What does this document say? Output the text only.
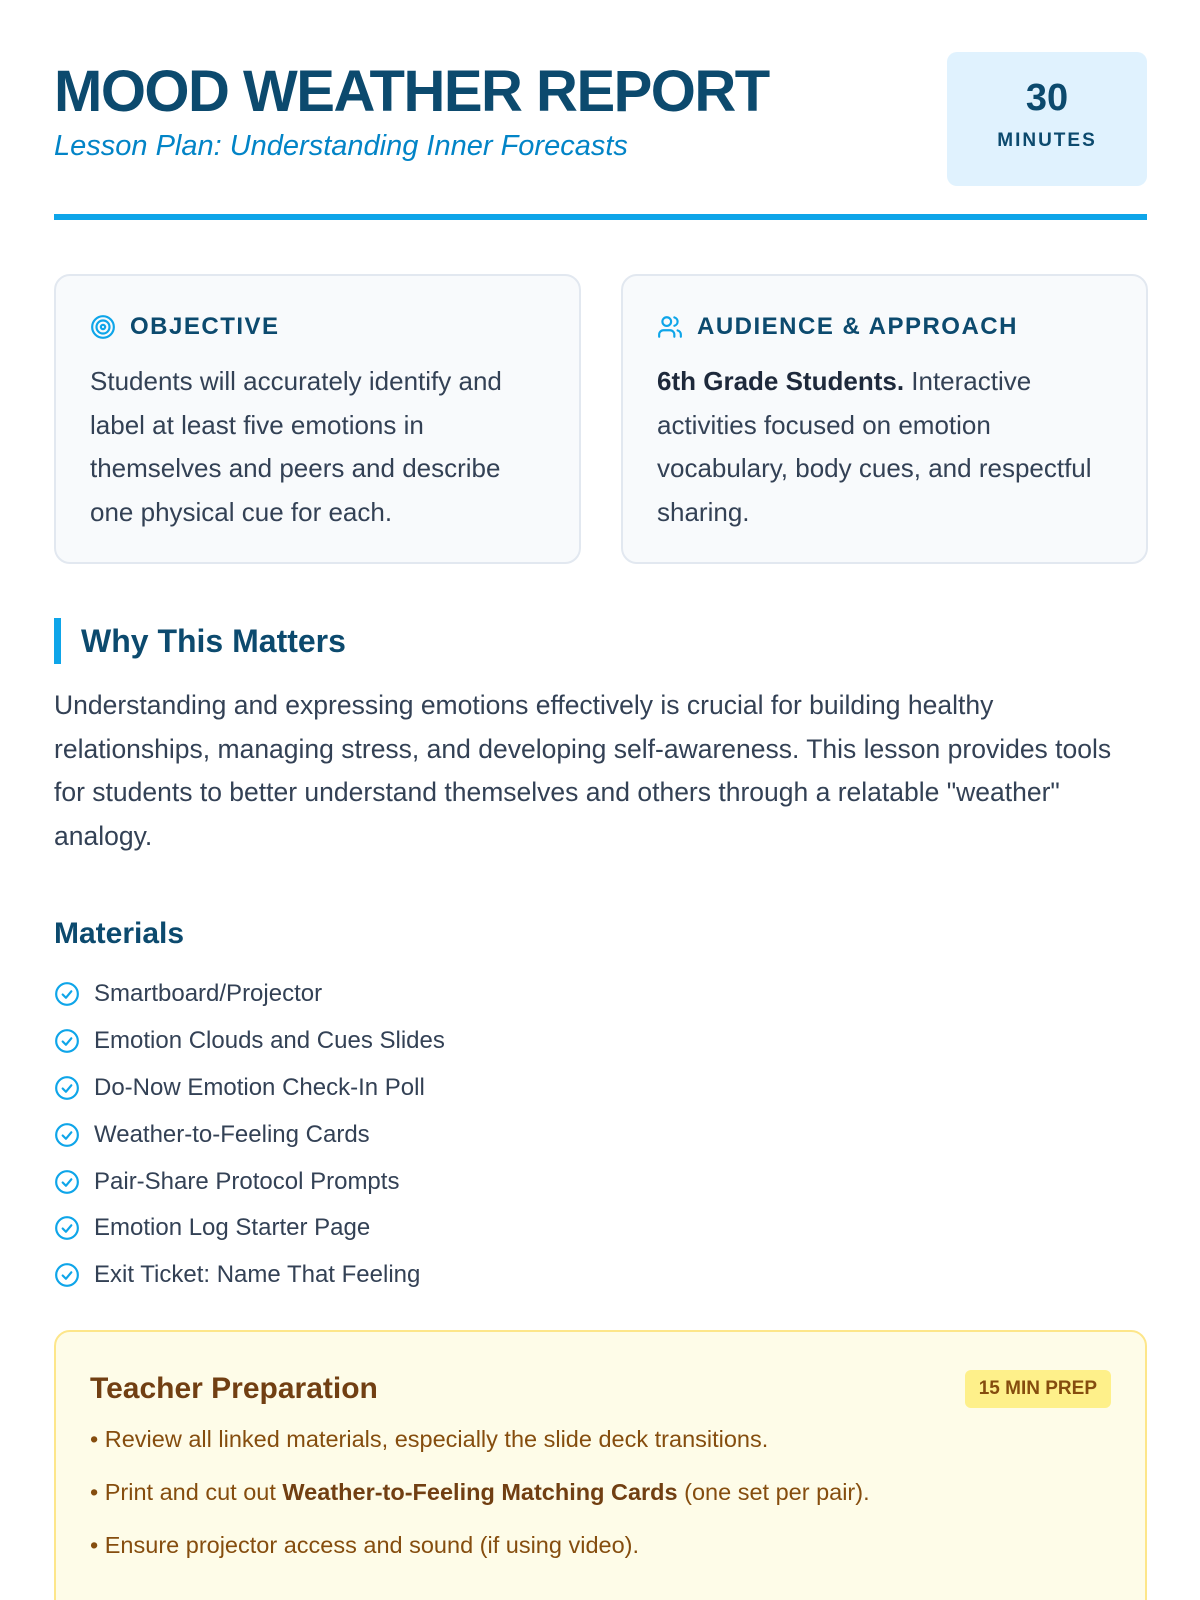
MOOD WEATHER REPORT
Lesson Plan: Understanding Inner Forecasts
30
MINUTES
OBJECTIVE

Students will accurately identify and label at least five emotions in themselves and peers and describe one physical cue for each.

AUDIENCE & APPROACH

6th Grade Students. Interactive activities focused on emotion vocabulary, body cues, and respectful sharing.

Why This Matters

Understanding and expressing emotions effectively is crucial for building healthy relationships, managing stress, and developing self-awareness. This lesson provides tools for students to better understand themselves and others through a relatable "weather" analogy.

Materials
Smartboard/Projector
Emotion Clouds and Cues Slides
Do-Now Emotion Check-In Poll
Weather-to-Feeling Cards
Pair-Share Protocol Prompts
Emotion Log Starter Page
Exit Ticket: Name That Feeling
Teacher Preparation	15 MIN PREP
• Review all linked materials, especially the slide deck transitions.
• Print and cut out Weather-to-Feeling Matching Cards (one set per pair).
• Ensure projector access and sound (if using video).
